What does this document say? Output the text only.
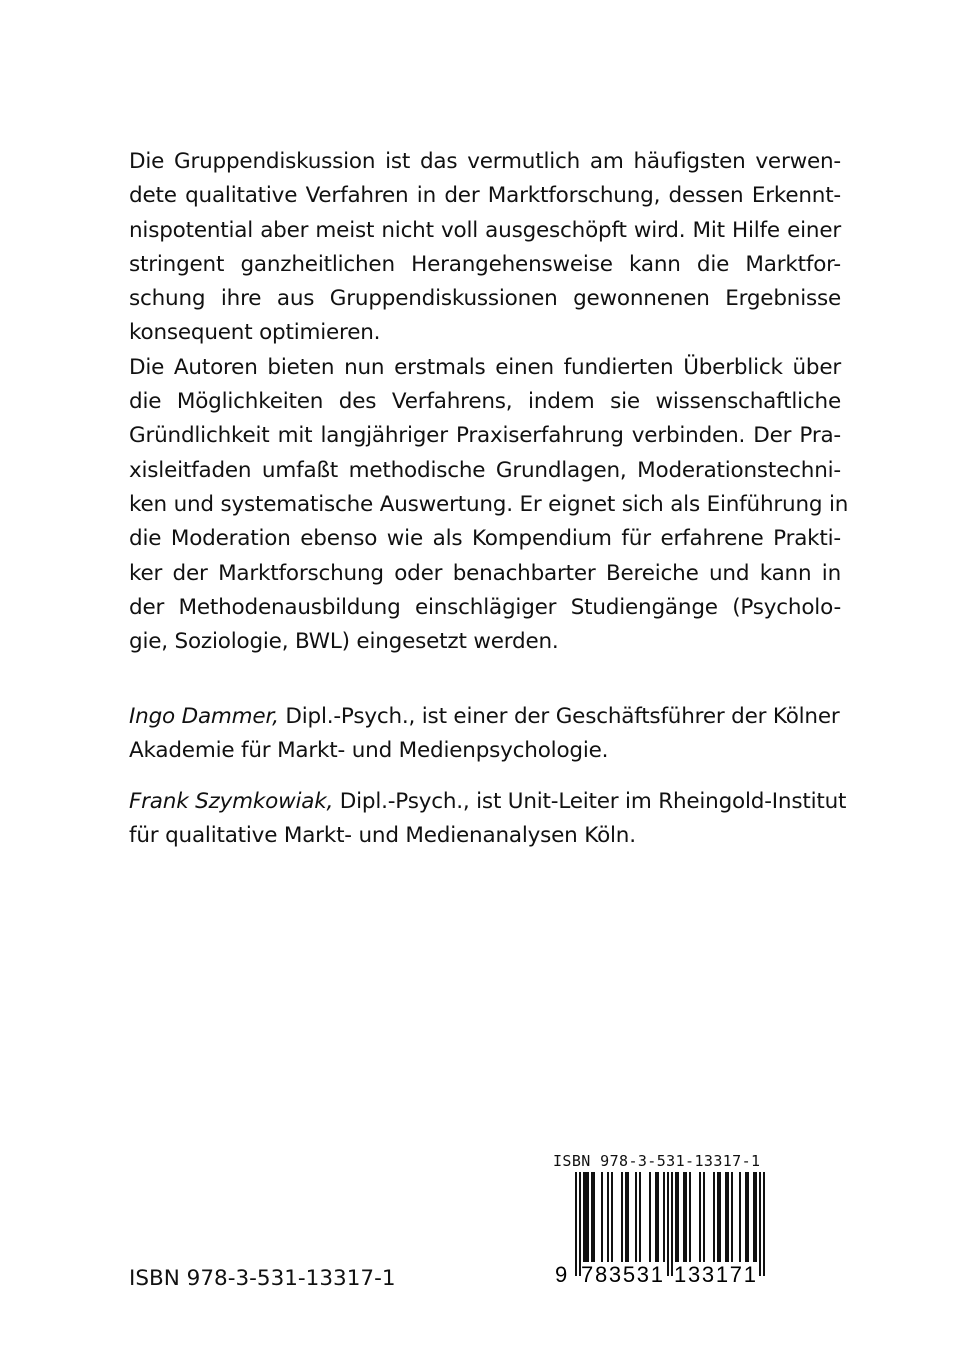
Die Gruppendiskussion ist das vermutlich am häufigsten verwen-
dete qualitative Verfahren in der Marktforschung, dessen Erkennt-
nispotential aber meist nicht voll ausgeschöpft wird. Mit Hilfe einer
stringent ganzheitlichen Herangehensweise kann die Marktfor-
schung ihre aus Gruppendiskussionen gewonnenen Ergebnisse
konsequent optimieren.
Die Autoren bieten nun erstmals einen fundierten Überblick über
die Möglichkeiten des Verfahrens, indem sie wissenschaftliche
Gründlichkeit mit langjähriger Praxiserfahrung verbinden. Der Pra-
xisleitfaden umfaßt methodische Grundlagen, Moderationstechni-
ken und systematische Auswertung. Er eignet sich als Einführung in
die Moderation ebenso wie als Kompendium für erfahrene Prakti-
ker der Marktforschung oder benachbarter Bereiche und kann in
der Methodenausbildung einschlägiger Studiengänge (Psycholo-
gie, Soziologie, BWL) eingesetzt werden.
Ingo Dammer, Dipl.-Psych., ist einer der Geschäftsführer der Kölner
Akademie für Markt- und Medienpsychologie.
Frank Szymkowiak, Dipl.-Psych., ist Unit-Leiter im Rheingold-Institut
für qualitative Markt- und Medienanalysen Köln.
ISBN 978-3-531-13317-1
9 783531 133171
ISBN 978-3-531-13317-1
